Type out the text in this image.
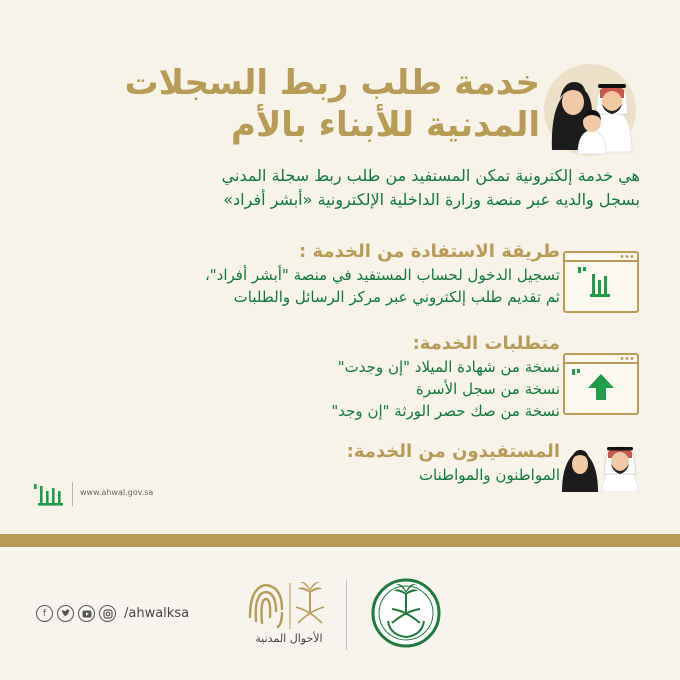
خدمة طلب ربط السجلات
المدنية للأبناء بالأم
هي خدمة إلكترونية تمكن المستفيد من طلب ربط سجلة المدني
بسجل والديه عبر منصة وزارة الداخلية الإلكترونية «أبشر أفراد»
طريقة الاستفادة من الخدمة :
تسجيل الدخول لحساب المستفيد في منصة "أبشر أفراد"،
ثم تقديم طلب إلكتروني عبر مركز الرسائل والطلبات
متطلبات الخدمة:
نسخة من شهادة الميلاد "إن وجدت"
نسخة من سجل الأسرة
نسخة من صك حصر الورثة "إن وجد"
المستفيدون من الخدمة:
المواطنون والمواطنات
www.ahwal.gov.sa
f	/ahwalksa
الأحوال المدنية
